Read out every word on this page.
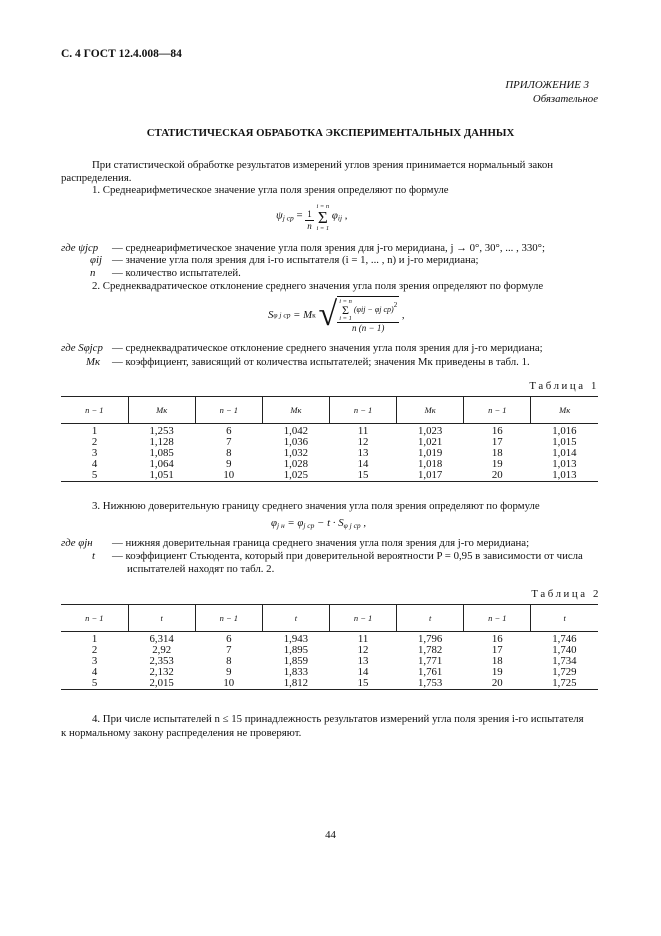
С. 4 ГОСТ 12.4.008—84
ПРИЛОЖЕНИЕ 3
Обязательное
СТАТИСТИЧЕСКАЯ ОБРАБОТКА ЭКСПЕРИМЕНТАЛЬНЫХ ДАННЫХ
При статистической обработке результатов измерений углов зрения принимается нормальный закон
распределения.
1. Среднеарифметическое значение угла поля зрения определяют по формуле
$\psi_{j ср} = \frac{1}{n}$

i = n
Σ
i = 1
$\varphi_{ij}$ ,
где ψjср — среднеарифметическое значение угла поля зрения для j-го меридиана, j → 0°, 30°, ... , 330°;
φij — значение угла поля зрения для i-го испытателя (i = 1, ... , n) и j-го меридиана;
n — количество испытателей.
2. Среднеквадратическое отклонение среднего значения угла поля зрения определяют по формуле
Sφ j ср = Mк √ i = n
Σ
i = 1
(φij − φj ср)2
n (n − 1) ,
где Sφjср — среднеквадратическое отклонение среднего значения угла поля зрения для j-го меридиана;
Mк — коэффициент, зависящий от количества испытателей; значения Mк приведены в табл. 1.
Таблица 1
n − 1	Mк	n − 1	Mк	n − 1	Mк	n − 1	Mк
1	1,253	6	1,042	11	1,023	16	1,016
2	1,128	7	1,036	12	1,021	17	1,015
3	1,085	8	1,032	13	1,019	18	1,014
4	1,064	9	1,028	14	1,018	19	1,013
5	1,051	10	1,025	15	1,017	20	1,013
3. Нижнюю доверительную границу среднего значения угла поля зрения определяют по формуле
$\varphi_{j н} = \varphi_{j ср} - t \cdot S_{\varphi j ср}$ ,
где φjн — нижняя доверительная граница среднего значения угла поля зрения для j-го меридиана;
t — коэффициент Стьюдента, который при доверительной вероятности P = 0,95 в зависимости от числа
испытателей находят по табл. 2.
Таблица 2
n − 1	t	n − 1	t	n − 1	t	n − 1	t
1	6,314	6	1,943	11	1,796	16	1,746
2	2,92	7	1,895	12	1,782	17	1,740
3	2,353	8	1,859	13	1,771	18	1,734
4	2,132	9	1,833	14	1,761	19	1,729
5	2,015	10	1,812	15	1,753	20	1,725
4. При числе испытателей n ≤ 15 принадлежность результатов измерений угла поля зрения i-го испытателя
к нормальному закону распределения не проверяют.
44
